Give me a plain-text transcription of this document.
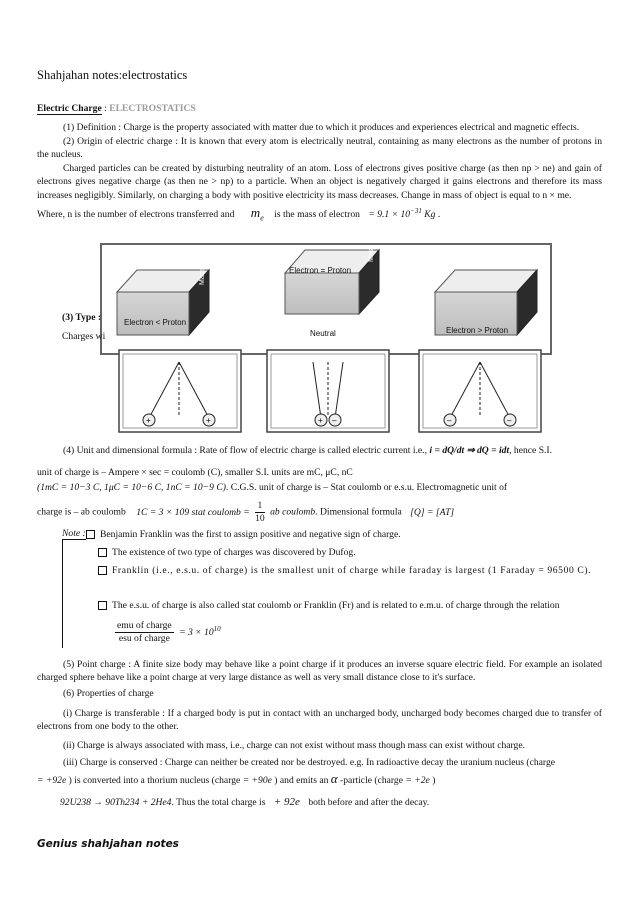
Shahjahan notes:electrostatics
Electric Charge : ELECTROSTATICS
(1) Definition : Charge is the property associated with matter due to which it produces and experiences electrical and magnetic effects.
(2) Origin of electric charge : It is known that every atom is electrically neutral, containing as many electrons as the number of protons in the nucleus.
Charged particles can be created by disturbing neutrality of an atom. Loss of electrons gives positive charge (as then np > ne) and gain of electrons gives negative charge (as then ne > np) to a particle. When an object is negatively charged it gains electrons and therefore its mass increases negligibly. Similarly, on charging a body with positive electricity its mass decreases. Change in mass of object is equal to n × me.
Where, n is the number of electrons transferred and $m_e$ is the mass of electron = $9.1 \times 10^{-31}$ Kg .
+	+	+ –	–	–
Electron < Proton
Electron = Proton
Electron > Proton
Neutral
Mass M'
Mass M
(3) Type :
Charges wi
(4) Unit and dimensional formula : Rate of flow of electric charge is called electric current i.e., i = dQ/dt ⇒ dQ = idt, hence S.I.
unit of charge is – Ampere × sec = coulomb (C), smaller S.I. units are mC, μC, nC
(1mC = 10−3 C, 1μC = 10−6 C, 1nC = 10−9 C). C.G.S. unit of charge is – Stat coulomb or e.s.u. Electromagnetic unit of
charge is – ab coulomb 1C = 3 × 109 stat coulomb = $\frac{1}{10}$ ab coulomb. Dimensional formula [Q] = [AT]
Note :	Benjamin Franklin was the first to assign positive and negative sign of charge.
The existence of two type of charges was discovered by Dufog.
Franklin (i.e., e.s.u. of charge) is the smallest unit of charge while faraday is largest (1 Faraday = 96500 C).
The e.s.u. of charge is also called stat coulomb or Franklin (Fr) and is related to e.m.u. of charge through the relation
$\frac{\text{emu of charge}}{\text{esu of charge}} = 3 \times 10^{10}$
(5) Point charge : A finite size body may behave like a point charge if it produces an inverse square electric field. For example an isolated charged sphere behave like a point charge at very large distance as well as very small distance close to it's surface.
(6) Properties of charge
(i) Charge is transferable : If a charged body is put in contact with an uncharged body, uncharged body becomes charged due to transfer of electrons from one body to the other.
(ii) Charge is always associated with mass, i.e., charge can not exist without mass though mass can exist without charge.
(iii) Charge is conserved : Charge can neither be created nor be destroyed. e.g. In radioactive decay the uranium nucleus (charge
= +92e ) is converted into a thorium nucleus (charge = +90e ) and emits an α -particle (charge = +2e )
92U238 → 90Th234 + 2He4. Thus the total charge is + 92e both before and after the decay.
Genius shahjahan notes
